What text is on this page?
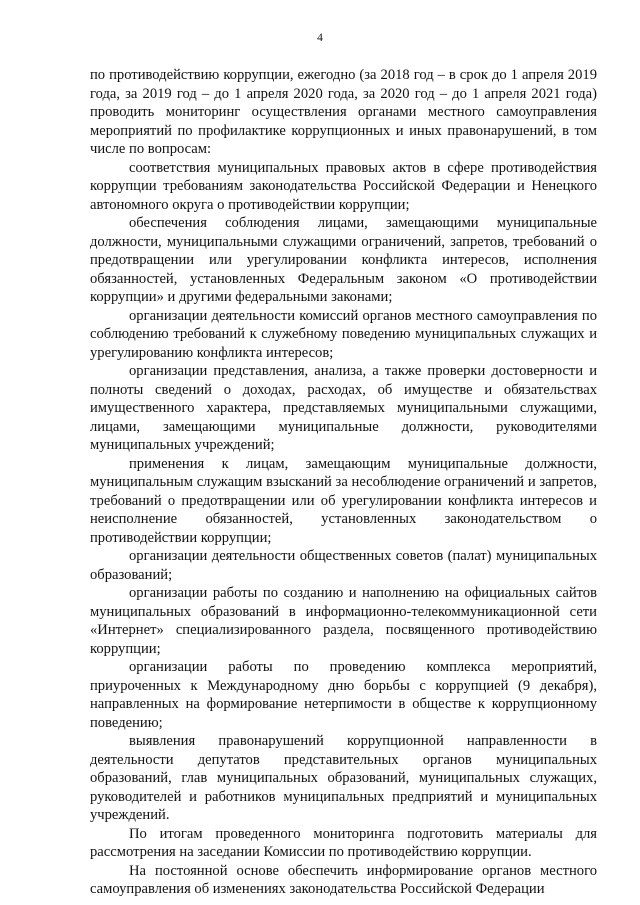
4

по противодействию коррупции, ежегодно (за 2018 год – в срок до 1 апреля 2019 года, за 2019 год – до 1 апреля 2020 года, за 2020 год – до 1 апреля 2021 года) проводить мониторинг осуществления органами местного самоуправления мероприятий по профилактике коррупционных и иных правонарушений, в том числе по вопросам:

соответствия муниципальных правовых актов в сфере противодействия коррупции требованиям законодательства Российской Федерации и Ненецкого автономного округа о противодействии коррупции;

обеспечения соблюдения лицами, замещающими муниципальные должности, муниципальными служащими ограничений, запретов, требований о предотвращении или урегулировании конфликта интересов, исполнения обязанностей, установленных Федеральным законом «О противодействии коррупции» и другими федеральными законами;

организации деятельности комиссий органов местного самоуправления по соблюдению требований к служебному поведению муниципальных служащих и урегулированию конфликта интересов;

организации представления, анализа, а также проверки достоверности и полноты сведений о доходах, расходах, об имуществе и обязательствах имущественного характера, представляемых муниципальными служащими, лицами, замещающими муниципальные должности, руководителями муниципальных учреждений;

применения к лицам, замещающим муниципальные должности, муниципальным служащим взысканий за несоблюдение ограничений и запретов, требований о предотвращении или об урегулировании конфликта интересов и неисполнение обязанностей, установленных законодательством о противодействии коррупции;

организации деятельности общественных советов (палат) муниципальных образований;

организации работы по созданию и наполнению на официальных сайтов муниципальных образований в информационно-телекоммуникационной сети «Интернет» специализированного раздела, посвященного противодействию коррупции;

организации работы по проведению комплекса мероприятий, приуроченных к Международному дню борьбы с коррупцией (9 декабря), направленных на формирование нетерпимости в обществе к коррупционному поведению;

выявления правонарушений коррупционной направленности в деятельности депутатов представительных органов муниципальных образований, глав муниципальных образований, муниципальных служащих, руководителей и работников муниципальных предприятий и муниципальных учреждений.

По итогам проведенного мониторинга подготовить материалы для рассмотрения на заседании Комиссии по противодействию коррупции.

На постоянной основе обеспечить информирование органов местного самоуправления об изменениях законодательства Российской Федерации
